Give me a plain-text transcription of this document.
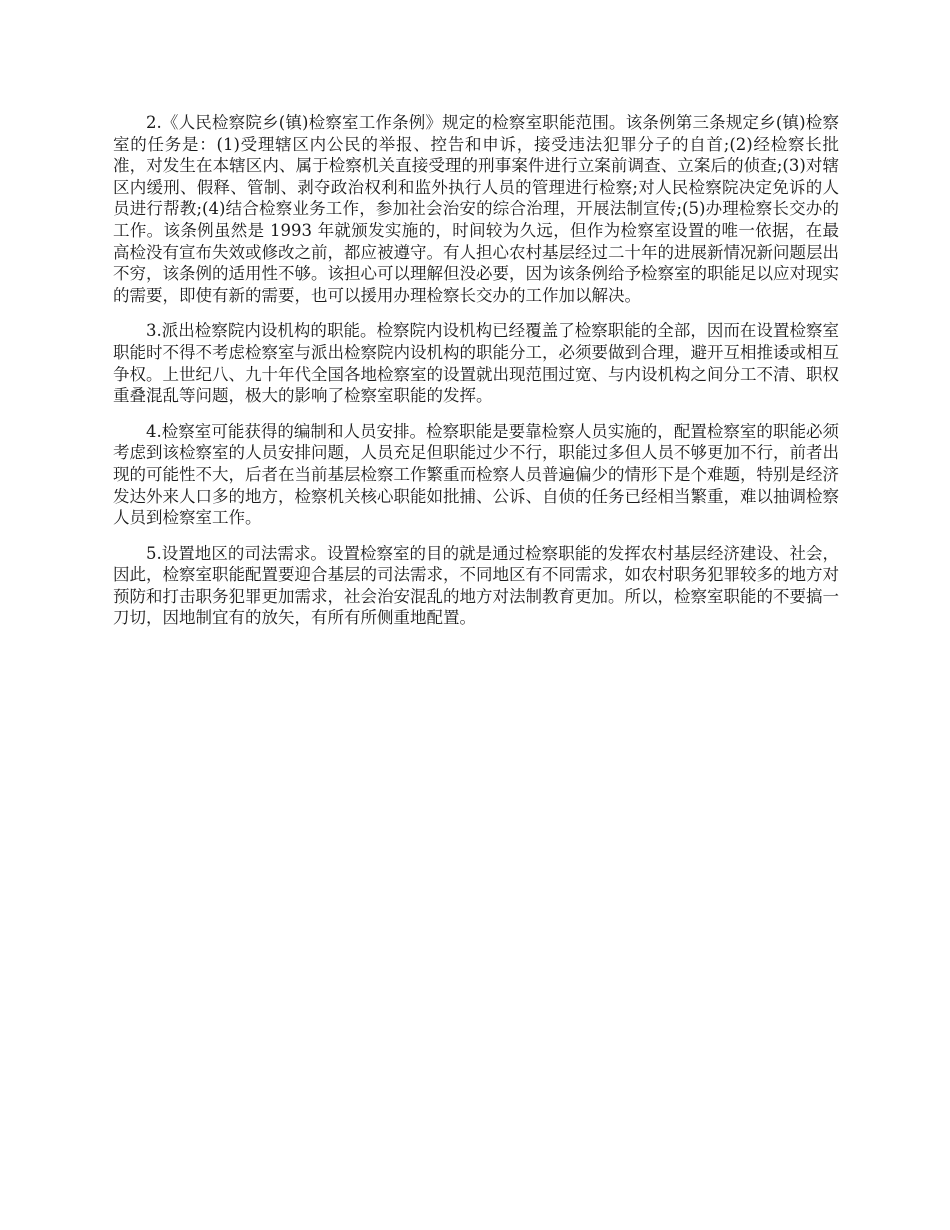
2.《人民检察院乡(镇)检察室工作条例》规定的检察室职能范围。该条例第三条规定乡(镇)检察室的任务是：(1)受理辖区内公民的举报、控告和申诉，接受违法犯罪分子的自首;(2)经检察长批准，对发生在本辖区内、属于检察机关直接受理的刑事案件进行立案前调查、立案后的侦查;(3)对辖区内缓刑、假释、管制、剥夺政治权利和监外执行人员的管理进行检察;对人民检察院决定免诉的人员进行帮教;(4)结合检察业务工作，参加社会治安的综合治理，开展法制宣传;(5)办理检察长交办的工作。该条例虽然是 1993 年就颁发实施的，时间较为久远，但作为检察室设置的唯一依据，在最高检没有宣布失效或修改之前，都应被遵守。有人担心农村基层经过二十年的进展新情况新问题层出不穷，该条例的适用性不够。该担心可以理解但没必要，因为该条例给予检察室的职能足以应对现实的需要，即使有新的需要，也可以援用办理检察长交办的工作加以解决。

3.派出检察院内设机构的职能。检察院内设机构已经覆盖了检察职能的全部，因而在设置检察室职能时不得不考虑检察室与派出检察院内设机构的职能分工，必须要做到合理，避开互相推诿或相互争权。上世纪八、九十年代全国各地检察室的设置就出现范围过宽、与内设机构之间分工不清、职权重叠混乱等问题，极大的影响了检察室职能的发挥。

4.检察室可能获得的编制和人员安排。检察职能是要靠检察人员实施的，配置检察室的职能必须考虑到该检察室的人员安排问题，人员充足但职能过少不行，职能过多但人员不够更加不行，前者出现的可能性不大，后者在当前基层检察工作繁重而检察人员普遍偏少的情形下是个难题，特别是经济发达外来人口多的地方，检察机关核心职能如批捕、公诉、自侦的任务已经相当繁重，难以抽调检察人员到检察室工作。

5.设置地区的司法需求。设置检察室的目的就是通过检察职能的发挥农村基层经济建设、社会，因此，检察室职能配置要迎合基层的司法需求，不同地区有不同需求，如农村职务犯罪较多的地方对预防和打击职务犯罪更加需求，社会治安混乱的地方对法制教育更加。所以，检察室职能的不要搞一刀切，因地制宜有的放矢，有所有所侧重地配置。
